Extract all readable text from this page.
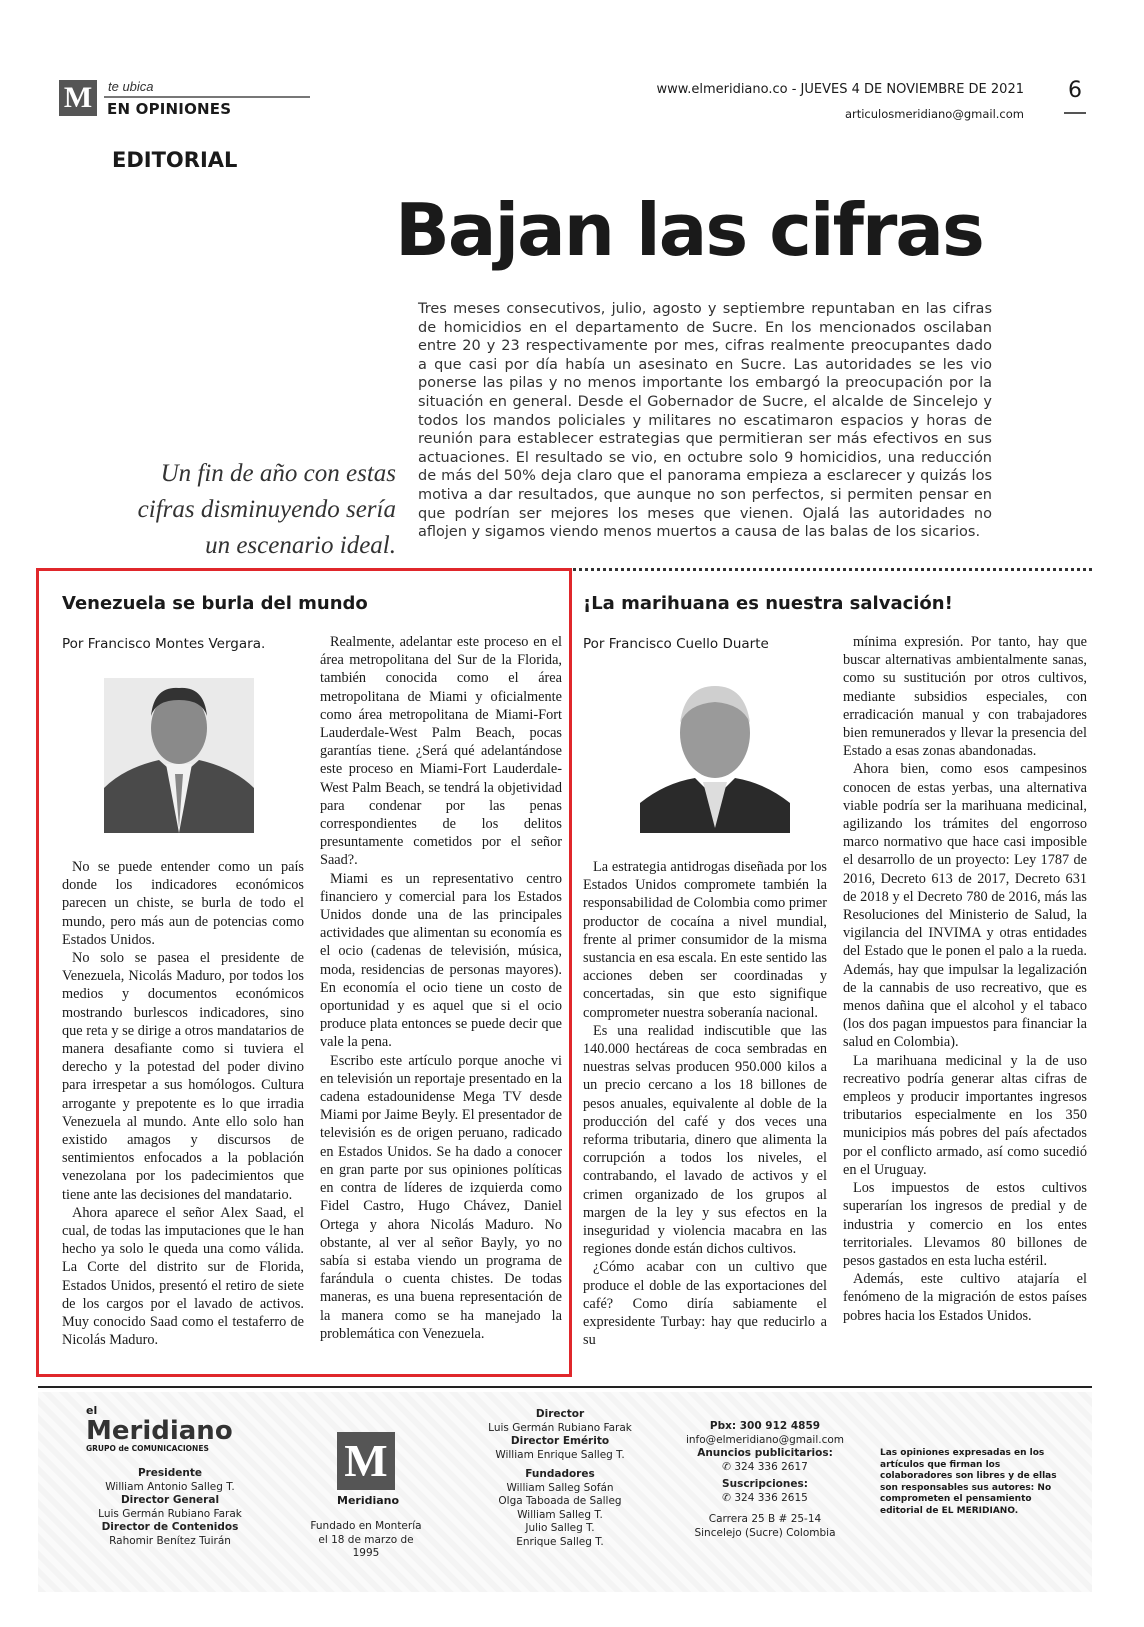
M	te ubica
EN OPINIONES
www.elmeridiano.co - JUEVES 4 DE NOVIEMBRE DE 2021
articulosmeridiano@gmail.com
6
EDITORIAL
Bajan las cifras
Tres meses consecutivos, julio, agosto y septiembre repuntaban en las cifras de homicidios en el departamento de Sucre. En los mencionados oscilaban entre 20 y 23 respectivamente por mes, cifras realmente preocupantes dado a que casi por día había un asesinato en Sucre. Las autoridades se les vio ponerse las pilas y no menos importante los embargó la preocupación por la situación en general. Desde el Gobernador de Sucre, el alcalde de Sincelejo y todos los mandos policiales y militares no escatimaron espacios y horas de reunión para establecer estrategias que permitieran ser más efectivos en sus actuaciones. El resultado se vio, en octubre solo 9 homicidios, una reducción de más del 50% deja claro que el panorama empieza a esclarecer y quizás los motiva a dar resultados, que aunque no son perfectos, si permiten pensar en que podrían ser mejores los meses que vienen. Ojalá las autoridades no aflojen y sigamos viendo menos muertos a causa de las balas de los sicarios.
Un fin de año con estas cifras disminuyendo sería un escenario ideal.
Venezuela se burla del mundo
Por Francisco Montes Vergara.

No se puede entender como un país donde los indicadores económicos parecen un chiste, se burla de todo el mundo, pero más aun de potencias como Estados Unidos.

No solo se pasea el presidente de Venezuela, Nicolás Maduro, por todos los medios y documentos económicos mostrando burlescos indicadores, sino que reta y se dirige a otros mandatarios de manera desafiante como si tuviera el derecho y la potestad del poder divino para irrespetar a sus homólogos. Cultura arrogante y prepotente es lo que irradia Venezuela al mundo. Ante ello solo han existido amagos y discursos de sentimientos enfocados a la población venezolana por los padecimientos que tiene ante las decisiones del mandatario.

Ahora aparece el señor Alex Saad, el cual, de todas las imputaciones que le han hecho ya solo le queda una como válida. La Corte del distrito sur de Florida, Estados Unidos, presentó el retiro de siete de los cargos por el lavado de activos. Muy conocido Saad como el testaferro de Nicolás Maduro.

Realmente, adelantar este proceso en el área metropolitana del Sur de la Florida, también conocida como el área metropolitana de Miami y oficialmente como área metropolitana de Miami-Fort Lauderdale-West Palm Beach, pocas garantías tiene. ¿Será qué adelantándose este proceso en Miami-Fort Lauderdale-West Palm Beach, se tendrá la objetividad para condenar por las penas correspondientes de los delitos presuntamente cometidos por el señor Saad?.

Miami es un representativo centro financiero y comercial para los Estados Unidos donde una de las principales actividades que alimentan su economía es el ocio (cadenas de televisión, música, moda, residencias de personas mayores). En economía el ocio tiene un costo de oportunidad y es aquel que si el ocio produce plata entonces se puede decir que vale la pena.

Escribo este artículo porque anoche vi en televisión un reportaje presentado en la cadena estadounidense Mega TV desde Miami por Jaime Beyly. El presentador de televisión es de origen peruano, radicado en Estados Unidos. Se ha dado a conocer en gran parte por sus opiniones políticas en contra de líderes de izquierda como Fidel Castro, Hugo Chávez, Daniel Ortega y ahora Nicolás Maduro. No obstante, al ver al señor Bayly, yo no sabía si estaba viendo un programa de farándula o cuenta chistes. De todas maneras, es una buena representación de la manera como se ha manejado la problemática con Venezuela.

¡La marihuana es nuestra salvación!
Por Francisco Cuello Duarte

La estrategia antidrogas diseñada por los Estados Unidos compromete también la responsabilidad de Colombia como primer productor de cocaína a nivel mundial, frente al primer consumidor de la misma sustancia en esa escala. En este sentido las acciones deben ser coordinadas y concertadas, sin que esto signifique comprometer nuestra soberanía nacional.

Es una realidad indiscutible que las 140.000 hectáreas de coca sembradas en nuestras selvas producen 950.000 kilos a un precio cercano a los 18 billones de pesos anuales, equivalente al doble de la producción del café y dos veces una reforma tributaria, dinero que alimenta la corrupción a todos los niveles, el contrabando, el lavado de activos y el crimen organizado de los grupos al margen de la ley y sus efectos en la inseguridad y violencia macabra en las regiones donde están dichos cultivos.

¿Cómo acabar con un cultivo que produce el doble de las exportaciones del café? Como diría sabiamente el expresidente Turbay: hay que reducirlo a su

mínima expresión. Por tanto, hay que buscar alternativas ambientalmente sanas, como su sustitución por otros cultivos, mediante subsidios especiales, con erradicación manual y con trabajadores bien remunerados y llevar la presencia del Estado a esas zonas abandonadas.

Ahora bien, como esos campesinos conocen de estas yerbas, una alternativa viable podría ser la marihuana medicinal, agilizando los trámites del engorroso marco normativo que hace casi imposible el desarrollo de un proyecto: Ley 1787 de 2016, Decreto 613 de 2017, Decreto 631 de 2018 y el Decreto 780 de 2016, más las Resoluciones del Ministerio de Salud, la vigilancia del INVIMA y otras entidades del Estado que le ponen el palo a la rueda. Además, hay que impulsar la legalización de la cannabis de uso recreativo, que es menos dañina que el alcohol y el tabaco (los dos pagan impuestos para financiar la salud en Colombia).

La marihuana medicinal y la de uso recreativo podría generar altas cifras de empleos y producir importantes ingresos tributarios especialmente en los 350 municipios más pobres del país afectados por el conflicto armado, así como sucedió en el Uruguay.

Los impuestos de estos cultivos superarían los ingresos de predial y de industria y comercio en los entes territoriales. Llevamos 80 billones de pesos gastados en esta lucha estéril.

Además, este cultivo atajaría el fenómeno de la migración de estos países pobres hacia los Estados Unidos.

el
Meridiano
GRUPO de COMUNICACIONES
Presidente
William Antonio Salleg T.
Director General
Luis Germán Rubiano Farak
Director de Contenidos
Rahomir Benítez Tuirán
M
Meridiano
Fundado en Montería el 18 de marzo de 1995
Director
Luis Germán Rubiano Farak
Director Emérito
William Enrique Salleg T.
Fundadores
William Salleg Sofán
Olga Taboada de Salleg
William Salleg T.
Julio Salleg T.
Enrique Salleg T.
Pbx: 300 912 4859
info@elmeridiano@gmail.com
Anuncios publicitarios:
✆ 324 336 2617
Suscripciones:
✆ 324 336 2615
Carrera 25 B # 25-14
Sincelejo (Sucre) Colombia
Las opiniones expresadas en los artículos que firman los colaboradores son libres y de ellas son responsables sus autores: No comprometen el pensamiento editorial de EL MERIDIANO.
